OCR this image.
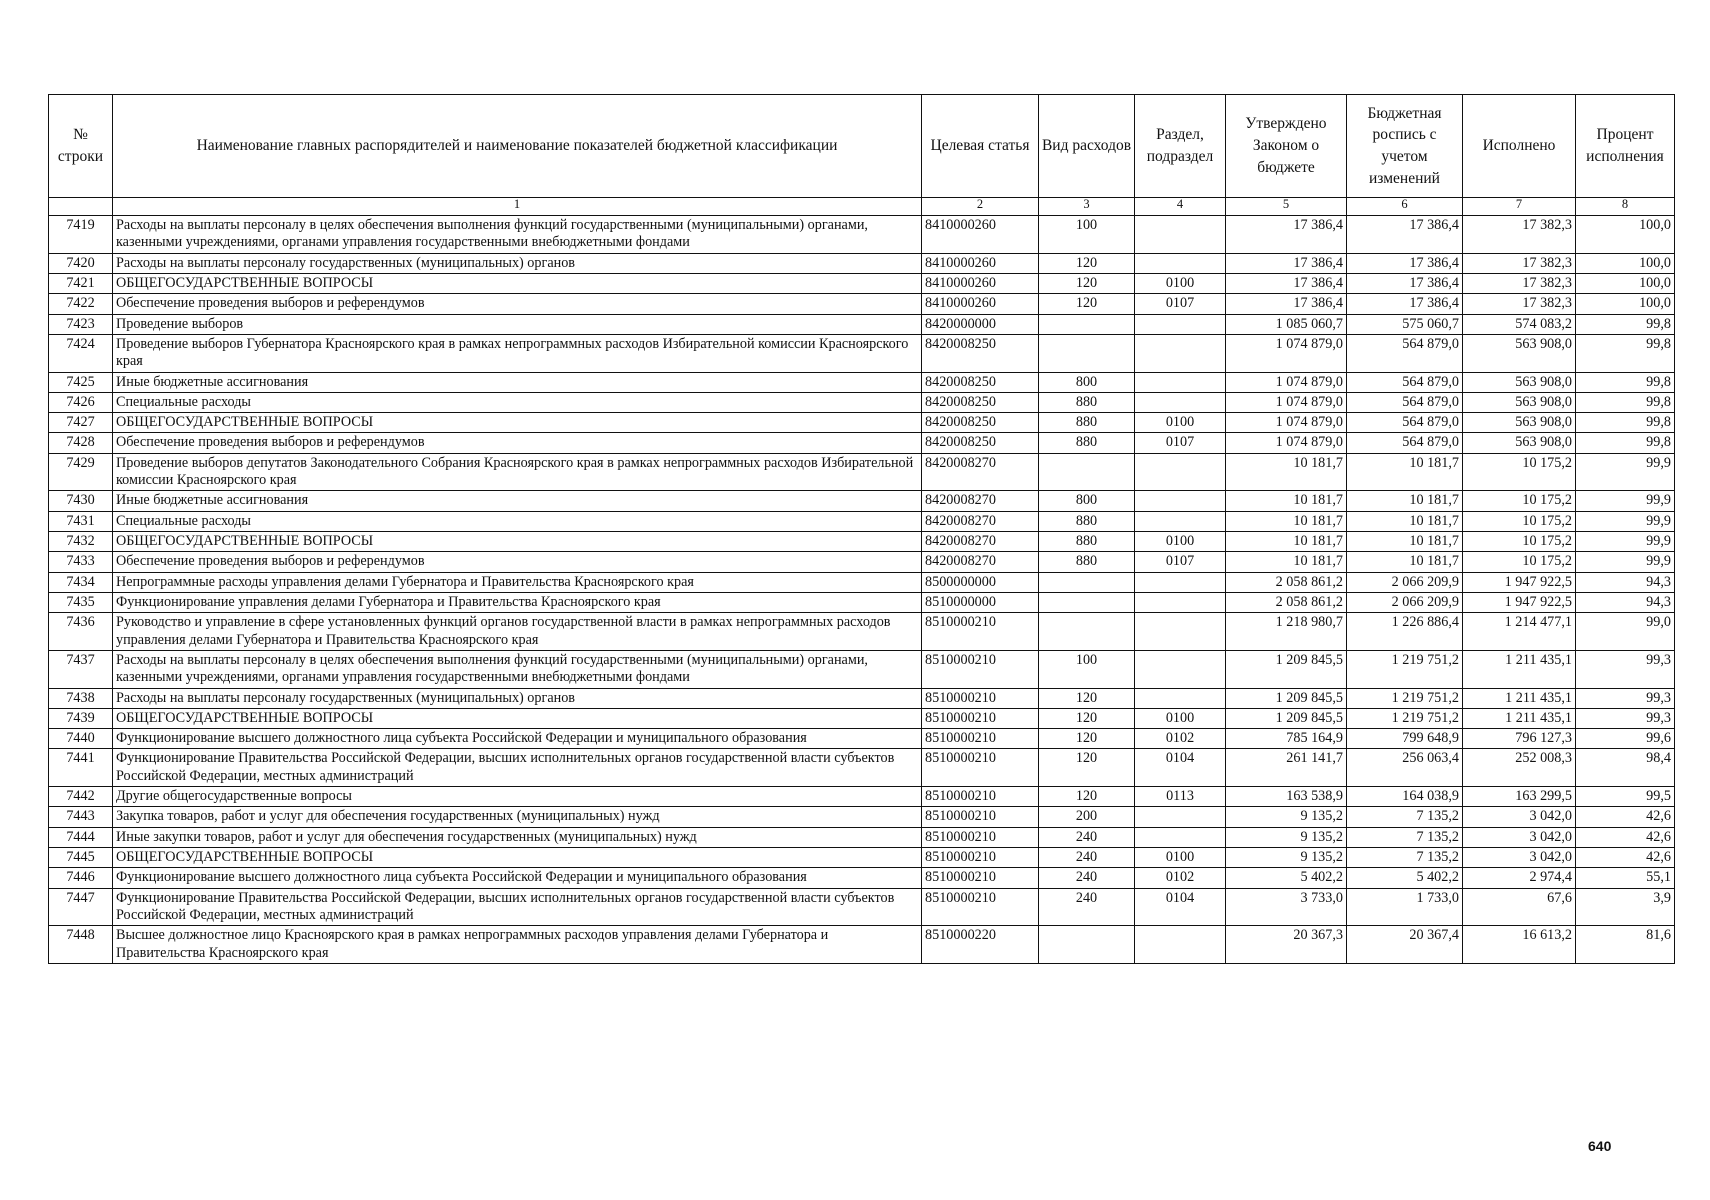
№ строки	Наименование главных распорядителей и наименование показателей бюджетной классификации	Целевая статья	Вид расходов	Раздел, подраздел	Утверждено Законом о бюджете	Бюджетная роспись с учетом изменений	Исполнено	Процент исполнения
	1	2	3	4	5	6	7	8
7419	Расходы на выплаты персоналу в целях обеспечения выполнения функций государственными (муниципальными) органами, казенными учреждениями, органами управления государственными внебюджетными фондами	8410000260	100		17 386,4	17 386,4	17 382,3	100,0
7420	Расходы на выплаты персоналу государственных (муниципальных) органов	8410000260	120		17 386,4	17 386,4	17 382,3	100,0
7421	ОБЩЕГОСУДАРСТВЕННЫЕ ВОПРОСЫ	8410000260	120	0100	17 386,4	17 386,4	17 382,3	100,0
7422	Обеспечение проведения выборов и референдумов	8410000260	120	0107	17 386,4	17 386,4	17 382,3	100,0
7423	Проведение выборов	8420000000			1 085 060,7	575 060,7	574 083,2	99,8
7424	Проведение выборов Губернатора Красноярского края в рамках непрограммных расходов Избирательной комиссии Красноярского края	8420008250			1 074 879,0	564 879,0	563 908,0	99,8
7425	Иные бюджетные ассигнования	8420008250	800		1 074 879,0	564 879,0	563 908,0	99,8
7426	Специальные расходы	8420008250	880		1 074 879,0	564 879,0	563 908,0	99,8
7427	ОБЩЕГОСУДАРСТВЕННЫЕ ВОПРОСЫ	8420008250	880	0100	1 074 879,0	564 879,0	563 908,0	99,8
7428	Обеспечение проведения выборов и референдумов	8420008250	880	0107	1 074 879,0	564 879,0	563 908,0	99,8
7429	Проведение выборов депутатов Законодательного Собрания Красноярского края в рамках непрограммных расходов Избирательной комиссии Красноярского края	8420008270			10 181,7	10 181,7	10 175,2	99,9
7430	Иные бюджетные ассигнования	8420008270	800		10 181,7	10 181,7	10 175,2	99,9
7431	Специальные расходы	8420008270	880		10 181,7	10 181,7	10 175,2	99,9
7432	ОБЩЕГОСУДАРСТВЕННЫЕ ВОПРОСЫ	8420008270	880	0100	10 181,7	10 181,7	10 175,2	99,9
7433	Обеспечение проведения выборов и референдумов	8420008270	880	0107	10 181,7	10 181,7	10 175,2	99,9
7434	Непрограммные расходы управления делами Губернатора и Правительства Красноярского края	8500000000			2 058 861,2	2 066 209,9	1 947 922,5	94,3
7435	Функционирование управления делами Губернатора и Правительства Красноярского края	8510000000			2 058 861,2	2 066 209,9	1 947 922,5	94,3
7436	Руководство и управление в сфере установленных функций органов государственной власти в рамках непрограммных расходов управления делами Губернатора и Правительства Красноярского края	8510000210			1 218 980,7	1 226 886,4	1 214 477,1	99,0
7437	Расходы на выплаты персоналу в целях обеспечения выполнения функций государственными (муниципальными) органами, казенными учреждениями, органами управления государственными внебюджетными фондами	8510000210	100		1 209 845,5	1 219 751,2	1 211 435,1	99,3
7438	Расходы на выплаты персоналу государственных (муниципальных) органов	8510000210	120		1 209 845,5	1 219 751,2	1 211 435,1	99,3
7439	ОБЩЕГОСУДАРСТВЕННЫЕ ВОПРОСЫ	8510000210	120	0100	1 209 845,5	1 219 751,2	1 211 435,1	99,3
7440	Функционирование высшего должностного лица субъекта Российской Федерации и муниципального образования	8510000210	120	0102	785 164,9	799 648,9	796 127,3	99,6
7441	Функционирование Правительства Российской Федерации, высших исполнительных органов государственной власти субъектов Российской Федерации, местных администраций	8510000210	120	0104	261 141,7	256 063,4	252 008,3	98,4
7442	Другие общегосударственные вопросы	8510000210	120	0113	163 538,9	164 038,9	163 299,5	99,5
7443	Закупка товаров, работ и услуг для обеспечения государственных (муниципальных) нужд	8510000210	200		9 135,2	7 135,2	3 042,0	42,6
7444	Иные закупки товаров, работ и услуг для обеспечения государственных (муниципальных) нужд	8510000210	240		9 135,2	7 135,2	3 042,0	42,6
7445	ОБЩЕГОСУДАРСТВЕННЫЕ ВОПРОСЫ	8510000210	240	0100	9 135,2	7 135,2	3 042,0	42,6
7446	Функционирование высшего должностного лица субъекта Российской Федерации и муниципального образования	8510000210	240	0102	5 402,2	5 402,2	2 974,4	55,1
7447	Функционирование Правительства Российской Федерации, высших исполнительных органов государственной власти субъектов Российской Федерации, местных администраций	8510000210	240	0104	3 733,0	1 733,0	67,6	3,9
7448	Высшее должностное лицо Красноярского края в рамках непрограммных расходов управления делами Губернатора и Правительства Красноярского края	8510000220			20 367,3	20 367,4	16 613,2	81,6
640
